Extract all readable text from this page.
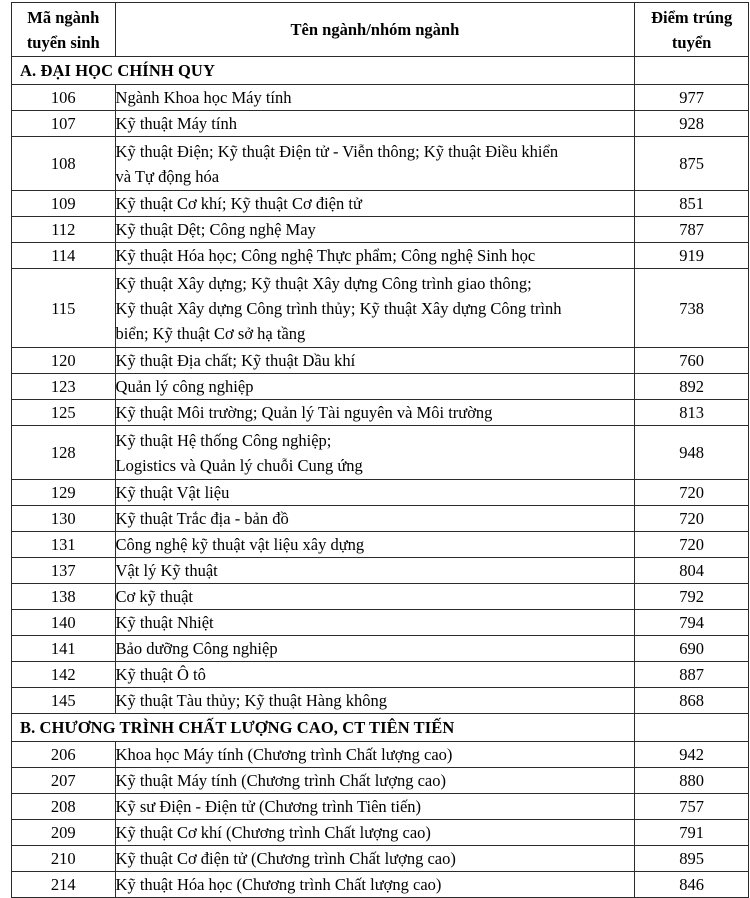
Mã ngành
tuyển sinh	Tên ngành/nhóm ngành	Điểm trúng
tuyển
A. ĐẠI HỌC CHÍNH QUY		
106	Ngành Khoa học Máy tính	977
107	Kỹ thuật Máy tính	928
108	Kỹ thuật Điện; Kỹ thuật Điện tử - Viễn thông; Kỹ thuật Điều khiển
và Tự động hóa	875
109	Kỹ thuật Cơ khí; Kỹ thuật Cơ điện tử	851
112	Kỹ thuật Dệt; Công nghệ May	787
114	Kỹ thuật Hóa học; Công nghệ Thực phẩm; Công nghệ Sinh học	919
115	Kỹ thuật Xây dựng; Kỹ thuật Xây dựng Công trình giao thông;
Kỹ thuật Xây dựng Công trình thủy; Kỹ thuật Xây dựng Công trình
biển; Kỹ thuật Cơ sở hạ tầng	738
120	Kỹ thuật Địa chất; Kỹ thuật Dầu khí	760
123	Quản lý công nghiệp	892
125	Kỹ thuật Môi trường; Quản lý Tài nguyên và Môi trường	813
128	Kỹ thuật Hệ thống Công nghiệp;
Logistics và Quản lý chuỗi Cung ứng	948
129	Kỹ thuật Vật liệu	720
130	Kỹ thuật Trắc địa - bản đồ	720
131	Công nghệ kỹ thuật vật liệu xây dựng	720
137	Vật lý Kỹ thuật	804
138	Cơ kỹ thuật	792
140	Kỹ thuật Nhiệt	794
141	Bảo dưỡng Công nghiệp	690
142	Kỹ thuật Ô tô	887
145	Kỹ thuật Tàu thủy; Kỹ thuật Hàng không	868
B. CHƯƠNG TRÌNH CHẤT LƯỢNG CAO, CT TIÊN TIẾN		
206	Khoa học Máy tính (Chương trình Chất lượng cao)	942
207	Kỹ thuật Máy tính (Chương trình Chất lượng cao)	880
208	Kỹ sư Điện - Điện tử (Chương trình Tiên tiến)	757
209	Kỹ thuật Cơ khí (Chương trình Chất lượng cao)	791
210	Kỹ thuật Cơ điện tử (Chương trình Chất lượng cao)	895
214	Kỹ thuật Hóa học (Chương trình Chất lượng cao)	846
